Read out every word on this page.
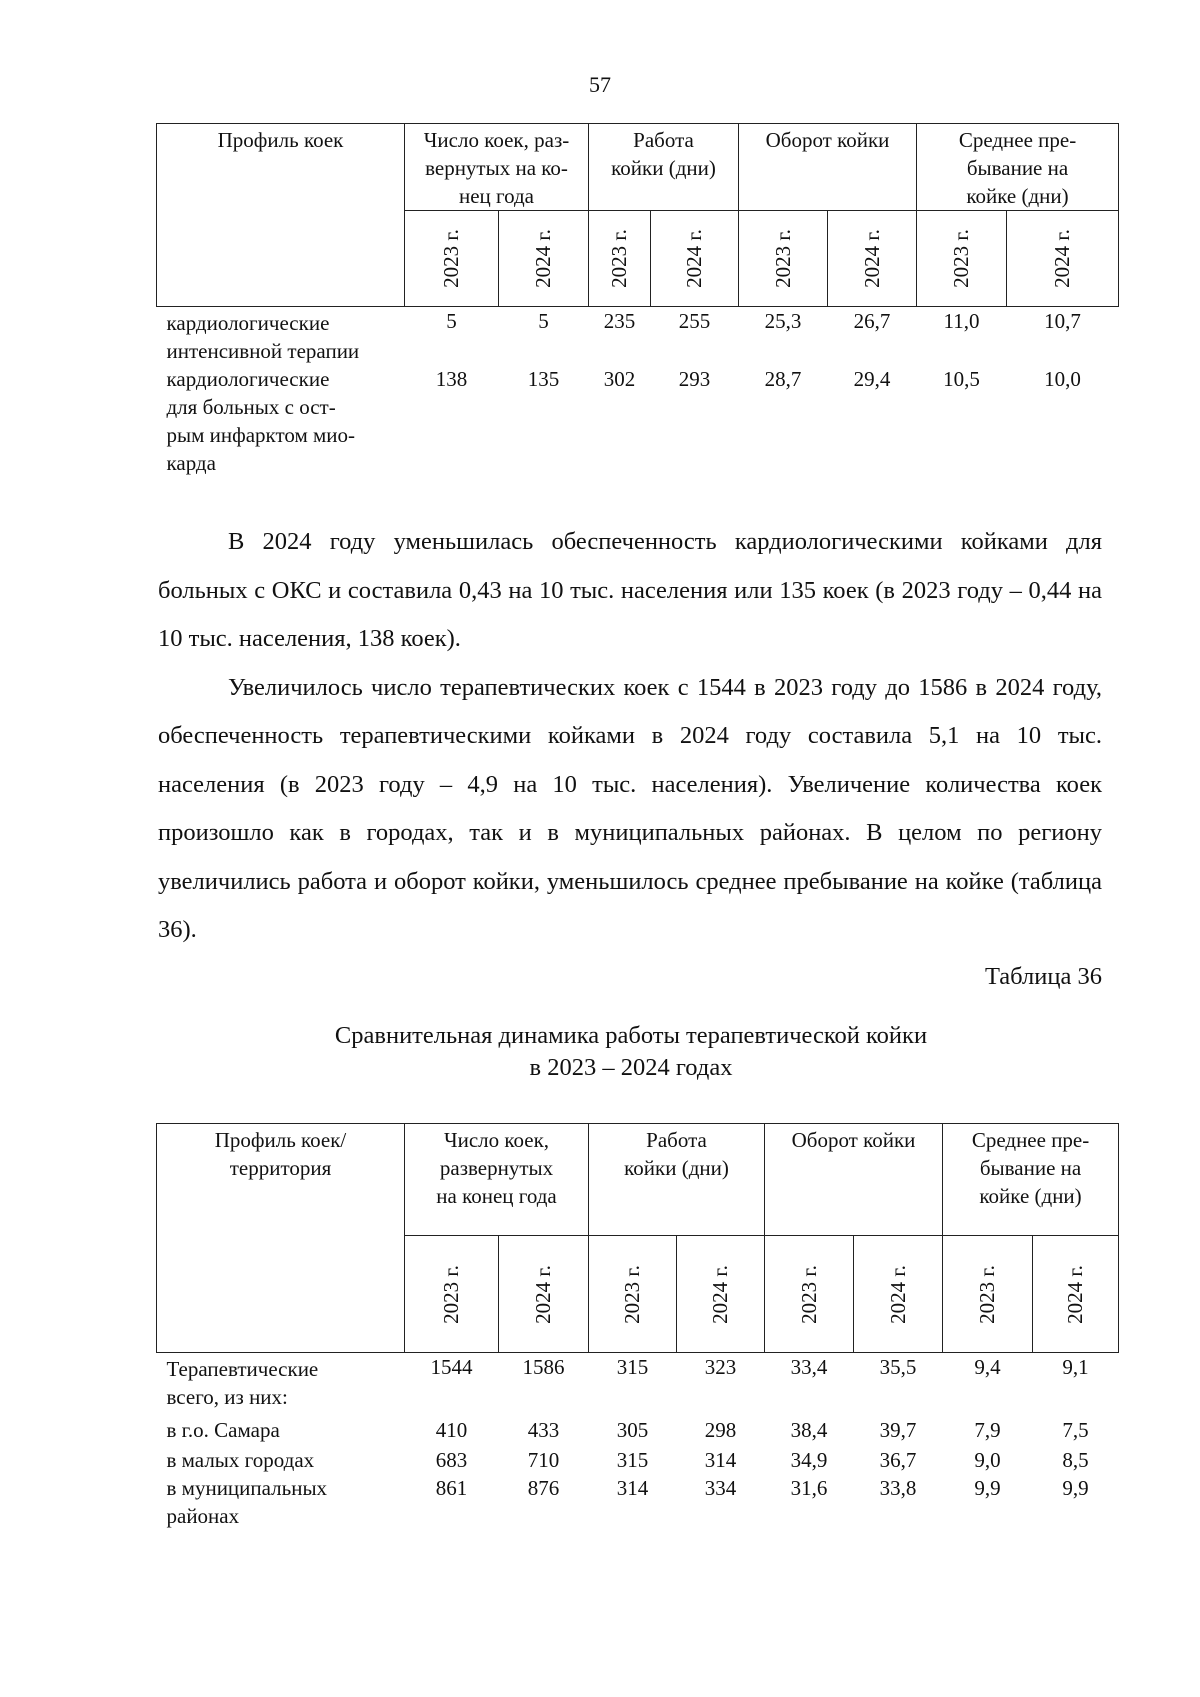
57
Профиль коек	Число коек, раз-
вернутых на ко-
нец года		Работа
койки (дни)		Оборот койки		Среднее пре-
бывание на
койке (дни)	

	2023 г.	2024 г.	2023 г.	2024 г.	2023 г.	2024 г.	2023 г.	2024 г.
кардиологические
интенсивной терапии	5	5	235	255	25,3	26,7	11,0	10,7
кардиологические
для больных с ост-
рым инфарктом мио-
карда	138	135	302	293	28,7	29,4	10,5	10,0

В 2024 году уменьшилась обеспеченность кардиологическими койками для больных с ОКС и составила 0,43 на 10 тыс. населения или 135 коек (в 2023 году – 0,44 на 10 тыс. населения, 138 коек).

Увеличилось число терапевтических коек с 1544 в 2023 году до 1586 в 2024 году, обеспеченность терапевтическими койками в 2024 году составила 5,1 на 10 тыс. населения (в 2023 году – 4,9 на 10 тыс. населения). Увеличение количества коек произошло как в городах, так и в муниципальных районах. В целом по региону увеличились работа и оборот койки, уменьшилось среднее пребывание на койке (таблица 36).

Таблица 36
Сравнительная динамика работы терапевтической койки
в 2023 – 2024 годах
Профиль коек/
территория	Число коек,
развернутых
на конец года		Работа
койки (дни)		Оборот койки		Среднее пре-
бывание на
койке (дни)	

	2023 г.	2024 г.	2023 г.	2024 г.	2023 г.	2024 г.	2023 г.	2024 г.
Терапевтические
всего, из них:	1544	1586	315	323	33,4	35,5	9,4	9,1
в г.о. Самара	410	433	305	298	38,4	39,7	7,9	7,5
в малых городах	683	710	315	314	34,9	36,7	9,0	8,5
в муниципальных
районах	861	876	314	334	31,6	33,8	9,9	9,9
